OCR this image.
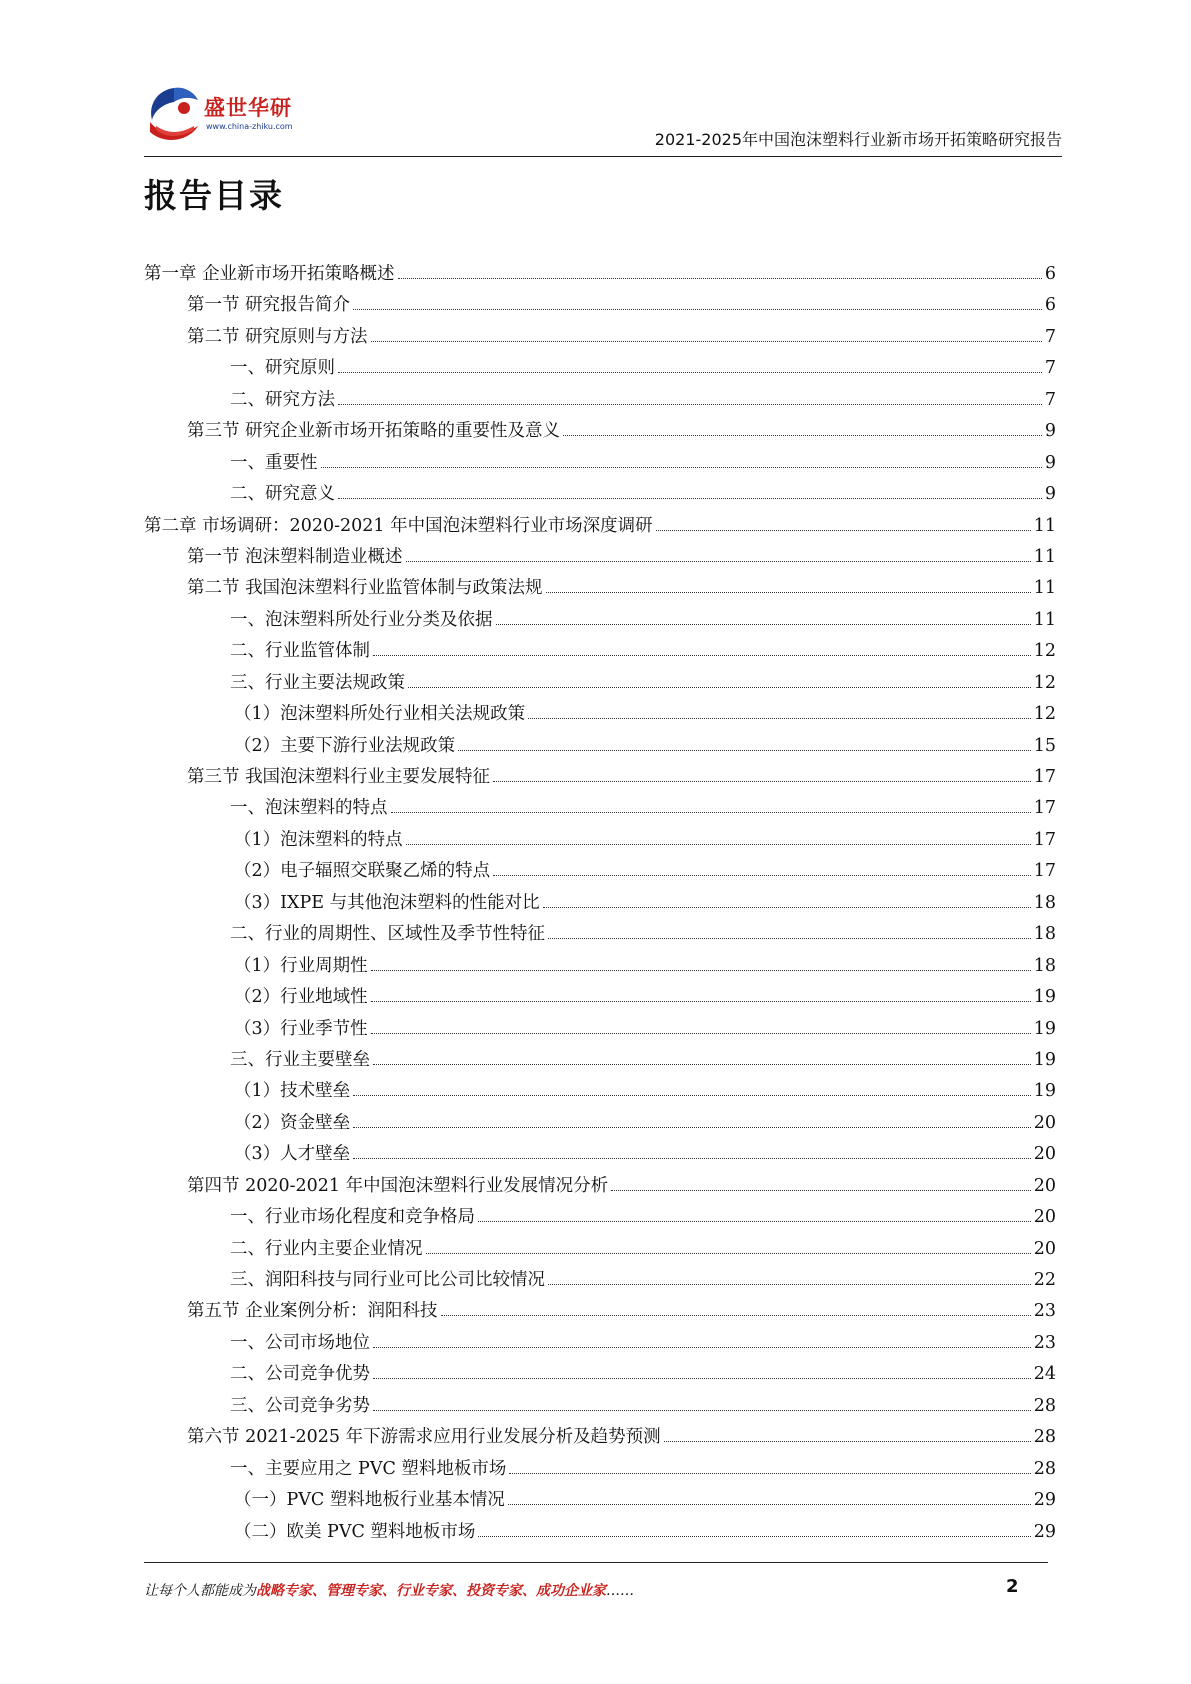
盛世华研
www.china-zhiku.com
2021-2025年中国泡沫塑料行业新市场开拓策略研究报告
报告目录
第一章 企业新市场开拓策略概述	6
第一节 研究报告简介	6
第二节 研究原则与方法	7
一、研究原则	7
二、研究方法	7
第三节 研究企业新市场开拓策略的重要性及意义	9
一、重要性	9
二、研究意义	9
第二章 市场调研：2020-2021 年中国泡沫塑料行业市场深度调研	11
第一节 泡沫塑料制造业概述	11
第二节 我国泡沫塑料行业监管体制与政策法规	11
一、泡沫塑料所处行业分类及依据	11
二、行业监管体制	12
三、行业主要法规政策	12
（1）泡沫塑料所处行业相关法规政策	12
（2）主要下游行业法规政策	15
第三节 我国泡沫塑料行业主要发展特征	17
一、泡沫塑料的特点	17
（1）泡沫塑料的特点	17
（2）电子辐照交联聚乙烯的特点	17
（3）IXPE 与其他泡沫塑料的性能对比	18
二、行业的周期性、区域性及季节性特征	18
（1）行业周期性	18
（2）行业地域性	19
（3）行业季节性	19
三、行业主要壁垒	19
（1）技术壁垒	19
（2）资金壁垒	20
（3）人才壁垒	20
第四节 2020-2021 年中国泡沫塑料行业发展情况分析	20
一、行业市场化程度和竞争格局	20
二、行业内主要企业情况	20
三、润阳科技与同行业可比公司比较情况	22
第五节 企业案例分析：润阳科技	23
一、公司市场地位	23
二、公司竞争优势	24
三、公司竞争劣势	28
第六节 2021-2025 年下游需求应用行业发展分析及趋势预测	28
一、主要应用之 PVC 塑料地板市场	28
（一）PVC 塑料地板行业基本情况	29
（二）欧美 PVC 塑料地板市场	29
让每个人都能成为战略专家、管理专家、行业专家、投资专家、成功企业家……	2
